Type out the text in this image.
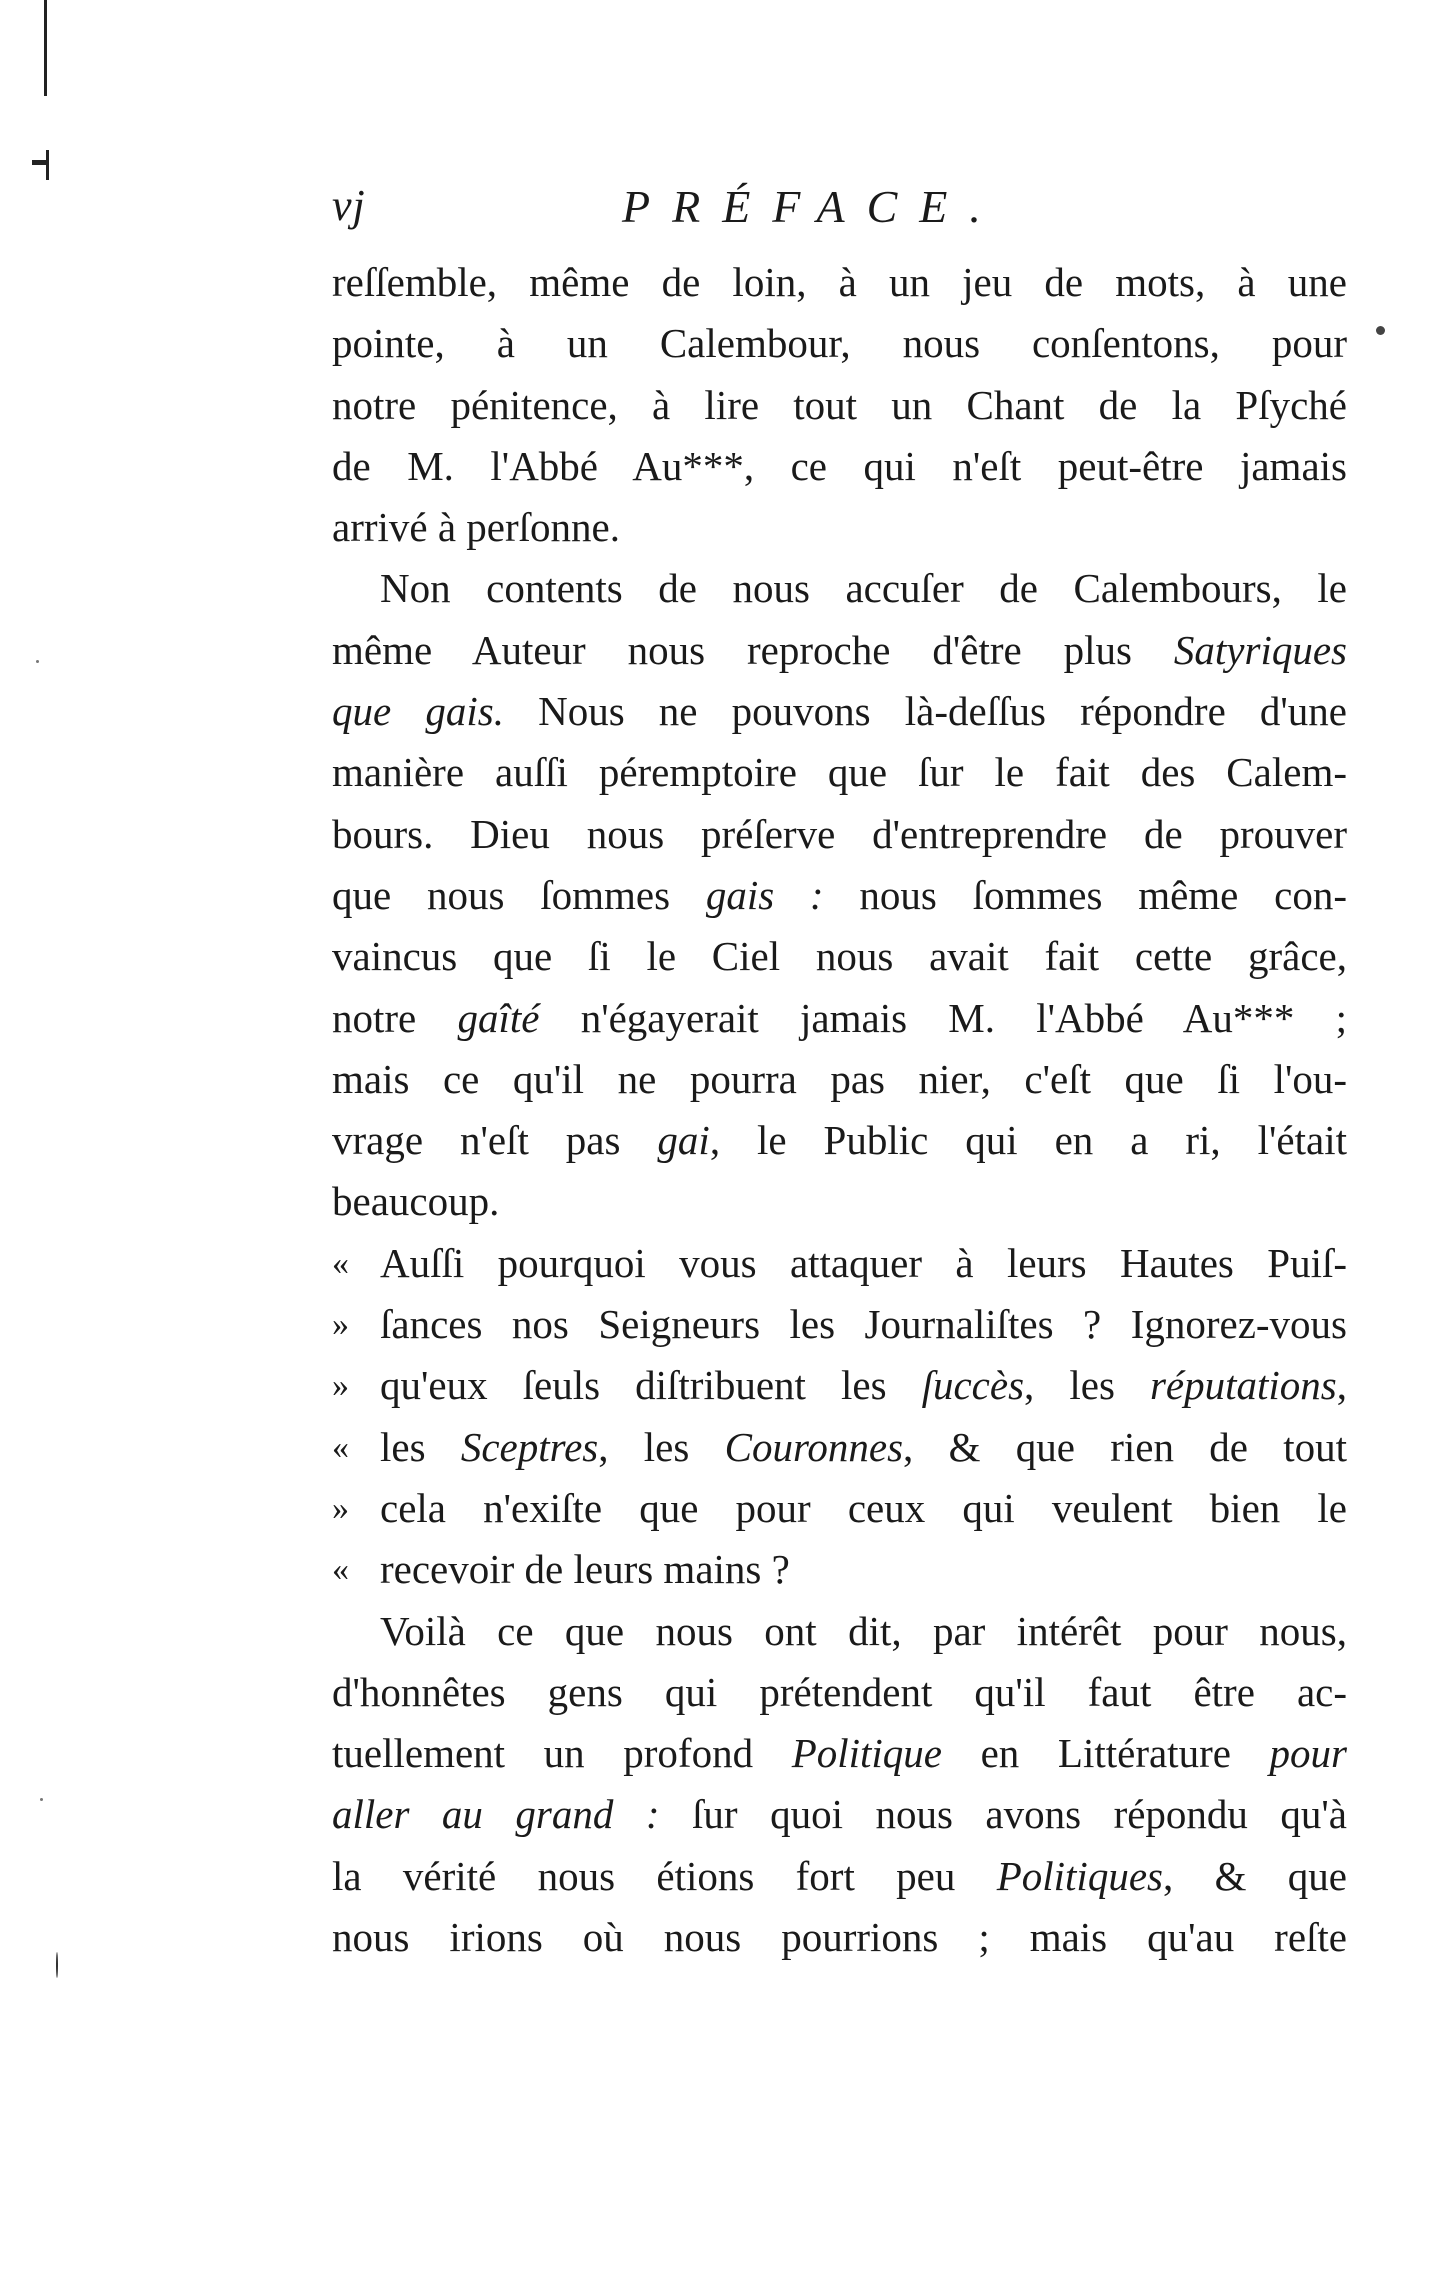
vj	PRÉFACE.
reſſemble, même de loin, à un jeu de mots, à une
pointe, à un Calembour, nous conſentons, pour
notre pénitence, à lire tout un Chant de la Pſyché
de M. l'Abbé Au***, ce qui n'eſt peut-être jamais
arrivé à perſonne.
Non contents de nous accuſer de Calembours, le
même Auteur nous reproche d'être plus Satyriques
que gais. Nous ne pouvons là-deſſus répondre d'une
manière auſſi péremptoire que ſur le fait des Calem-
bours. Dieu nous préſerve d'entreprendre de prouver
que nous ſommes gais : nous ſommes même con-
vaincus que ſi le Ciel nous avait fait cette grâce,
notre gaîté n'égayerait jamais M. l'Abbé Au*** ;
mais ce qu'il ne pourra pas nier, c'eſt que ſi l'ou-
vrage n'eſt pas gai, le Public qui en a ri, l'était
beaucoup.
« Auſſi pourquoi vous attaquer à leurs Hautes Puiſ-
» ſances nos Seigneurs les Journaliſtes ? Ignorez-vous
» qu'eux ſeuls diſtribuent les ſuccès, les réputations,
« les Sceptres, les Couronnes, & que rien de tout
» cela n'exiſte que pour ceux qui veulent bien le
« recevoir de leurs mains ?
Voilà ce que nous ont dit, par intérêt pour nous,
d'honnêtes gens qui prétendent qu'il faut être ac-
tuellement un profond Politique en Littérature pour
aller au grand : ſur quoi nous avons répondu qu'à
la vérité nous étions fort peu Politiques, & que
nous irions où nous pourrions ; mais qu'au reſte
